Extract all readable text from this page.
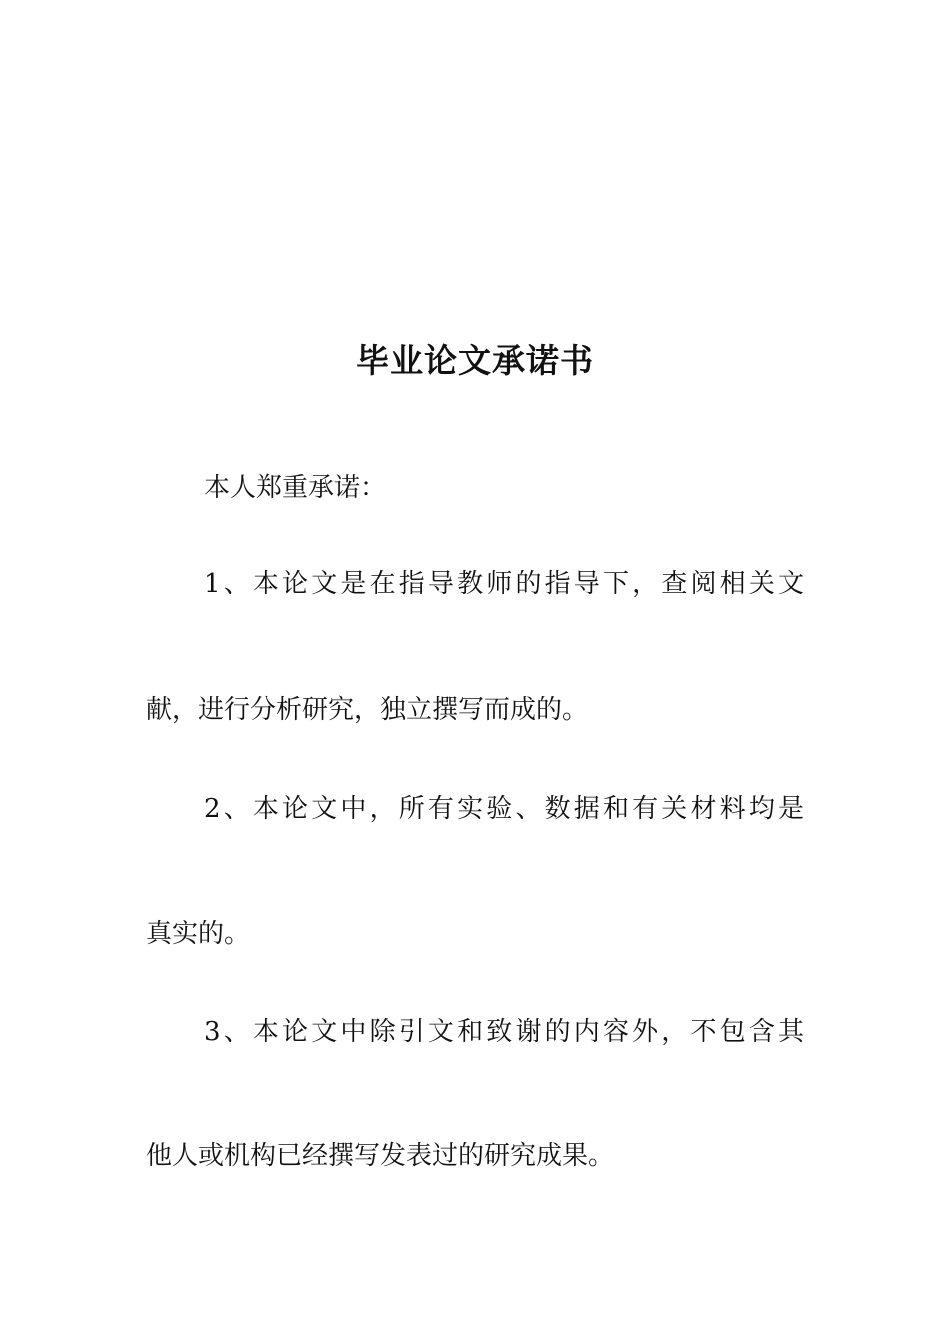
毕业论文承诺书

本人郑重承诺：

1、本论文是在指导教师的指导下，查阅相关文

献，进行分析研究，独立撰写而成的。

2、本论文中，所有实验、数据和有关材料均是

真实的。

3、本论文中除引文和致谢的内容外，不包含其

他人或机构已经撰写发表过的研究成果。
